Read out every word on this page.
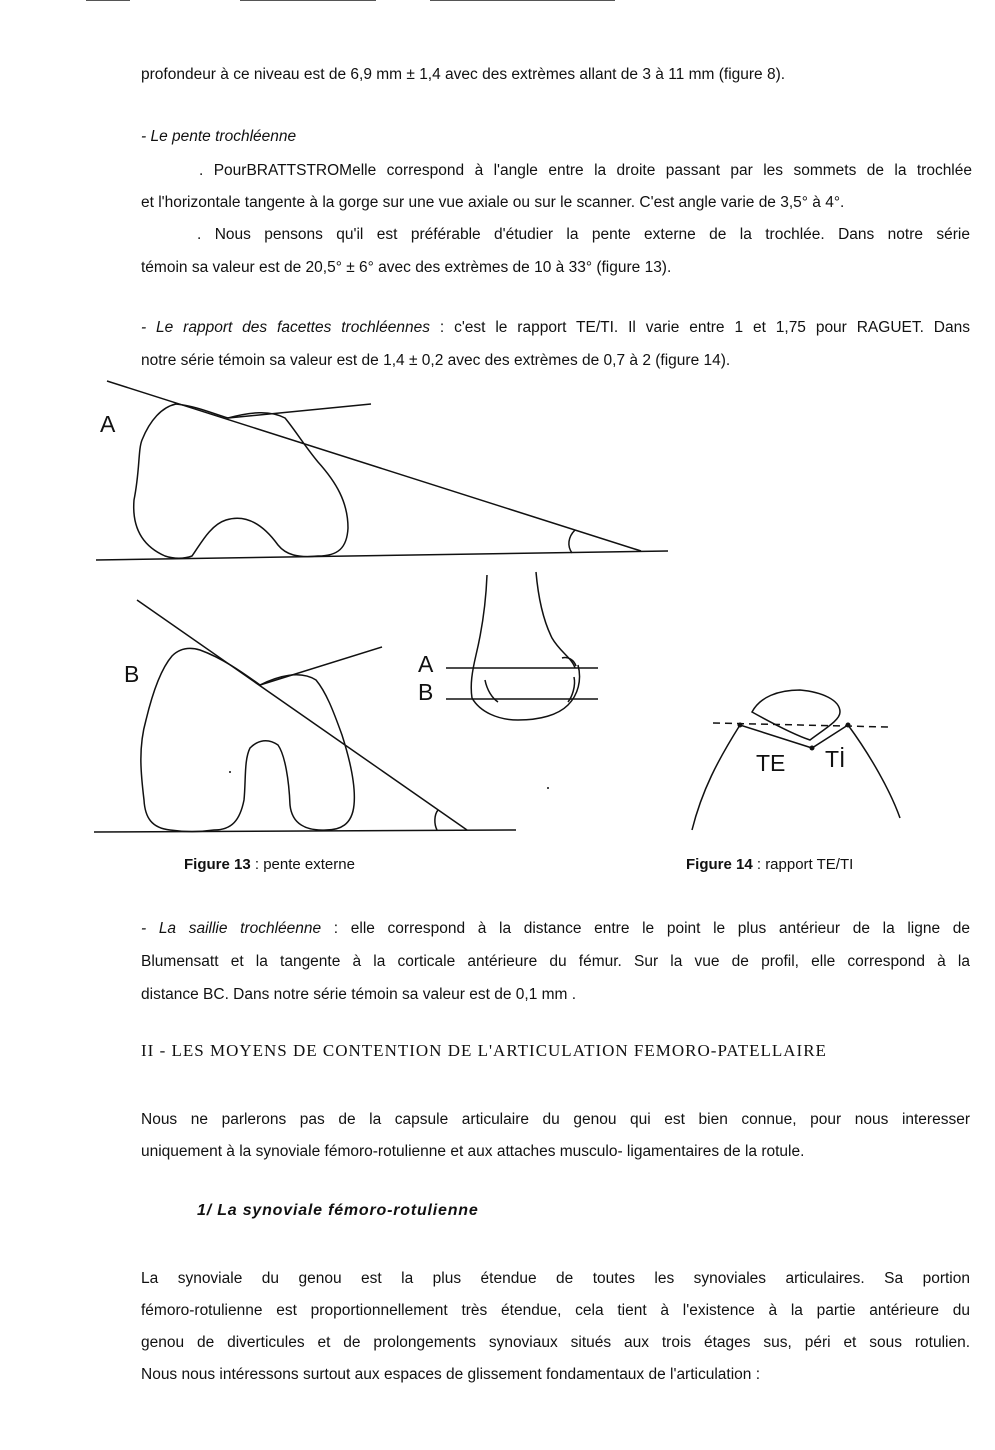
profondeur à ce niveau est de 6,9 mm ± 1,4 avec des extrèmes allant de 3 à 11 mm (figure 8).

- Le pente trochléenne

. PourBRATTSTROMelle correspond à l'angle entre la droite passant par les sommets de la trochlée

et l'horizontale tangente à la gorge sur une vue axiale ou sur le scanner. C'est angle varie de 3,5° à 4°.

. Nous pensons qu'il est préférable d'étudier la pente externe de la trochlée. Dans notre série

témoin sa valeur est de 20,5° ± 6° avec des extrèmes de 10 à 33° (figure 13).

- Le rapport des facettes trochléennes : c'est le rapport TE/TI. Il varie entre 1 et 1,75 pour RAGUET. Dans

notre série témoin sa valeur est de 1,4 ± 0,2 avec des extrèmes de 0,7 à 2 (figure 14).

A
B	A
B
TE Tİ
Figure 13 : pente externe	Figure 14 : rapport TE/TI

- La saillie trochléenne : elle correspond à la distance entre le point le plus antérieur de la ligne de

Blumensatt et la tangente à la corticale antérieure du fémur. Sur la vue de profil, elle correspond à la

distance BC. Dans notre série témoin sa valeur est de 0,1 mm .

II - LES MOYENS DE CONTENTION DE L'ARTICULATION FEMORO-PATELLAIRE

Nous ne parlerons pas de la capsule articulaire du genou qui est bien connue, pour nous interesser

uniquement à la synoviale fémoro-rotulienne et aux attaches musculo- ligamentaires de la rotule.

1/ La synoviale fémoro-rotulienne

La synoviale du genou est la plus étendue de toutes les synoviales articulaires. Sa portion

fémoro-rotulienne est proportionnellement très étendue, cela tient à l'existence à la partie antérieure du

genou de diverticules et de prolongements synoviaux situés aux trois étages sus, péri et sous rotulien.

Nous nous intéressons surtout aux espaces de glissement fondamentaux de l'articulation :
